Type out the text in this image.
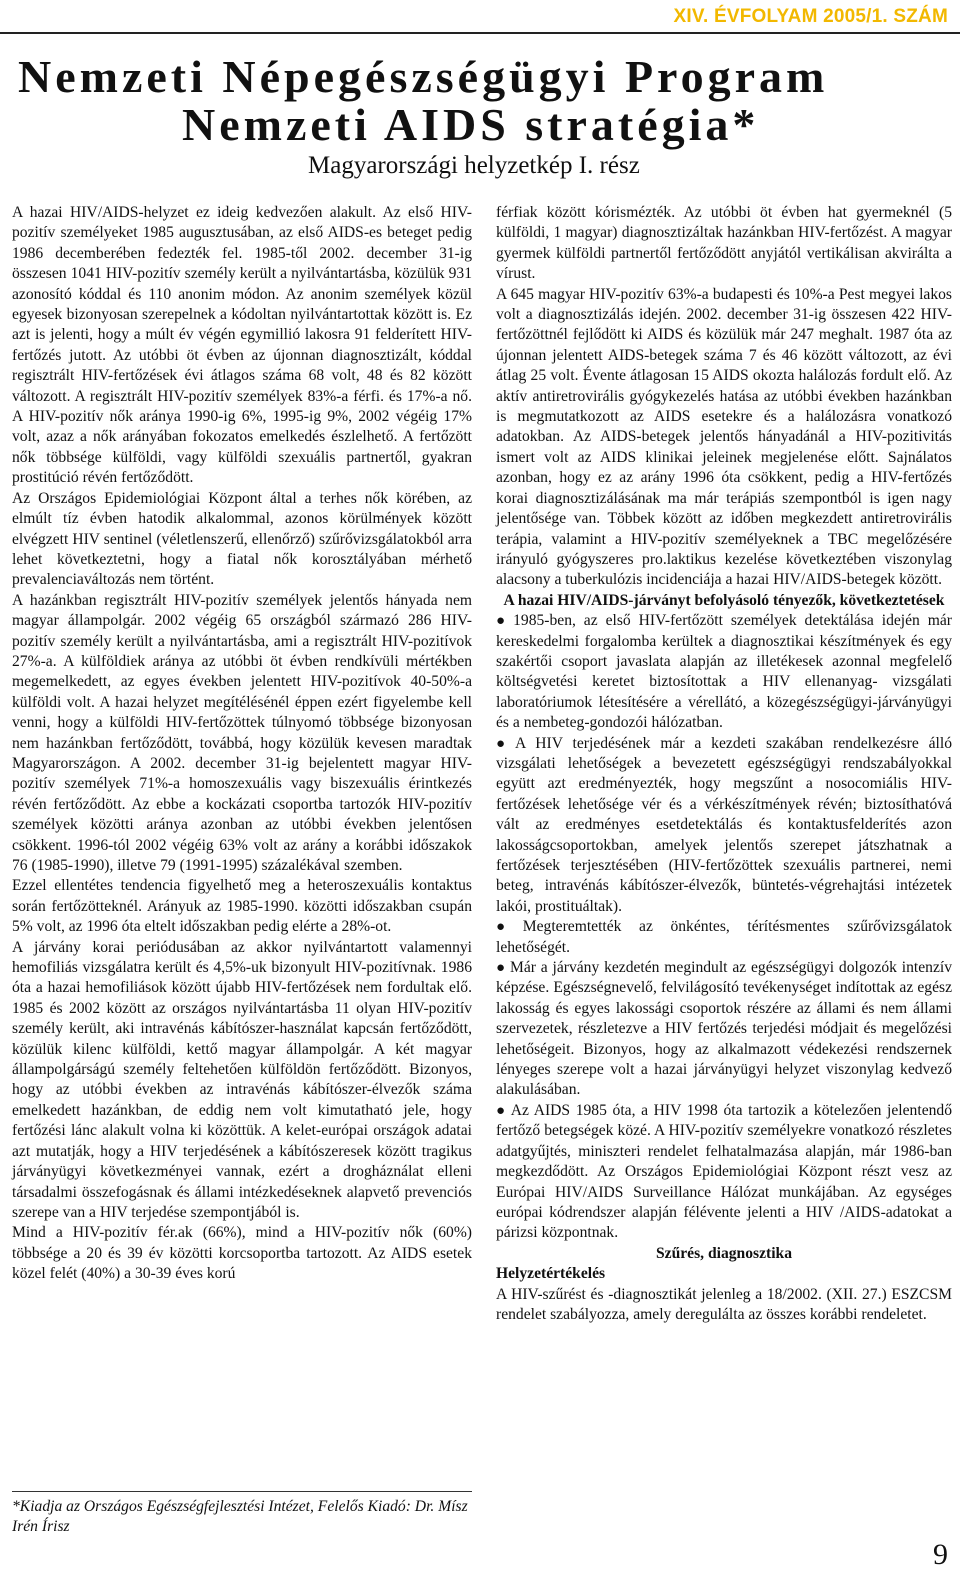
XIV. ÉVFOLYAM 2005/1. SZÁM
Nemzeti Népegészségügyi Program
Nemzeti AIDS stratégia*
Magyarországi helyzetkép I. rész

A hazai HIV/AIDS-helyzet ez ideig kedvezően alakult. Az első HIV-pozitív személyeket 1985 augusztusában, az első AIDS-es beteget pedig 1986 decemberében fedezték fel. 1985-től 2002. december 31-ig összesen 1041 HIV-pozitív személy került a nyilvántartásba, közülük 931 azonosító kóddal és 110 anonim módon. Az anonim személyek közül egyesek bizonyosan szerepelnek a kódoltan nyilvántartottak között is. Ez azt is jelenti, hogy a múlt év végén egymillió lakosra 91 felderített HIV-fertőzés jutott. Az utóbbi öt évben az újonnan diagnosztizált, kóddal regisztrált HIV-fertőzések évi átlagos száma 68 volt, 48 és 82 között változott. A regisztrált HIV-pozitív személyek 83%-a férfi. és 17%-a nő. A HIV-pozitív nők aránya 1990-ig 6%, 1995-ig 9%, 2002 végéig 17% volt, azaz a nők arányában fokozatos emelkedés észlelhető. A fertőzött nők többsége külföldi, vagy külföldi szexuális partnertől, gyakran prostitúció révén fertőződött.

Az Országos Epidemiológiai Központ által a terhes nők körében, az elmúlt tíz évben hatodik alkalommal, azonos körülmények között elvégzett HIV sentinel (véletlenszerű, ellenőrző) szűrővizsgálatokból arra lehet következtetni, hogy a fiatal nők korosztályában mérhető prevalenciaváltozás nem történt.

A hazánkban regisztrált HIV-pozitív személyek jelentős hányada nem magyar állampolgár. 2002 végéig 65 országból származó 286 HIV-pozitív személy került a nyilvántartásba, ami a regisztrált HIV-pozitívok 27%-a. A külföldiek aránya az utóbbi öt évben rendkívüli mértékben megemelkedett, az egyes években jelentett HIV-pozitívok 40-50%-a külföldi volt. A hazai helyzet megítélésénél éppen ezért figyelembe kell venni, hogy a külföldi HIV-fertőzöttek túlnyomó többsége bizonyosan nem hazánkban fertőződött, továbbá, hogy közülük kevesen maradtak Magyarországon. A 2002. december 31-ig bejelentett magyar HIV-pozitív személyek 71%-a homoszexuális vagy biszexuális érintkezés révén fertőződött. Az ebbe a kockázati csoportba tartozók HIV-pozitív személyek közötti aránya azonban az utóbbi években jelentősen csökkent. 1996-tól 2002 végéig 63% volt az arány a korábbi időszakok 76 (1985-1990), illetve 79 (1991-1995) százalékával szemben.

Ezzel ellentétes tendencia figyelhető meg a heteroszexuális kontaktus során fertőzötteknél. Arányuk az 1985-1990. közötti időszakban csupán 5% volt, az 1996 óta eltelt időszakban pedig elérte a 28%-ot.

A járvány korai periódusában az akkor nyilvántartott valamennyi hemofiliás vizsgálatra került és 4,5%-uk bizonyult HIV-pozitívnak. 1986 óta a hazai hemofiliások között újabb HIV-fertőzések nem fordultak elő. 1985 és 2002 között az országos nyilvántartásba 11 olyan HIV-pozitív személy került, aki intravénás kábítószer-használat kapcsán fertőződött, közülük kilenc külföldi, kettő magyar állampolgár. A két magyar állampolgárságú személy feltehetően külföldön fertőződött. Bizonyos, hogy az utóbbi években az intravénás kábítószer-élvezők száma emelkedett hazánkban, de eddig nem volt kimutatható jele, hogy fertőzési lánc alakult volna ki közöttük. A kelet-európai országok adatai azt mutatják, hogy a HIV terjedésének a kábítószeresek között tragikus járványügyi következményei vannak, ezért a drogháználat elleni társadalmi összefogásnak és állami intézkedéseknek alapvető prevenciós szerepe van a HIV terjedése szempontjából is.

Mind a HIV-pozitív fér.ak (66%), mind a HIV-pozitív nők (60%) többsége a 20 és 39 év közötti korcsoportba tartozott. Az AIDS esetek közel felét (40%) a 30-39 éves korú

*Kiadja az Országos Egészségfejlesztési Intézet, Felelős Kiadó: Dr. Mísz Irén Írisz

férfiak között kórismézték. Az utóbbi öt évben hat gyermeknél (5 külföldi, 1 magyar) diagnosztizáltak hazánkban HIV-fertőzést. A magyar gyermek külföldi partnertől fertőződött anyjától vertikálisan akvirálta a vírust.

A 645 magyar HIV-pozitív 63%-a budapesti és 10%-a Pest megyei lakos volt a diagnosztizálás idején. 2002. december 31-ig összesen 422 HIV-fertőzöttnél fejlődött ki AIDS és közülük már 247 meghalt. 1987 óta az újonnan jelentett AIDS-betegek száma 7 és 46 között változott, az évi átlag 25 volt. Évente átlagosan 15 AIDS okozta halálozás fordult elő. Az aktív antiretrovirális gyógykezelés hatása az utóbbi években hazánkban is megmutatkozott az AIDS esetekre és a halálozásra vonatkozó adatokban. Az AIDS-betegek jelentős hányadánál a HIV-pozitivitás ismert volt az AIDS klinikai jeleinek megjelenése előtt. Sajnálatos azonban, hogy ez az arány 1996 óta csökkent, pedig a HIV-fertőzés korai diagnosztizálásának ma már terápiás szempontból is igen nagy jelentősége van. Többek között az időben megkezdett antiretrovirális terápia, valamint a HIV-pozitív személyeknek a TBC megelőzésére irányuló gyógyszeres pro.laktikus kezelése következtében viszonylag alacsony a tuberkulózis incidenciája a hazai HIV/AIDS-betegek között.

A hazai HIV/AIDS-járványt befolyásoló tényezők, következtetések

● 1985-ben, az első HIV-fertőzött személyek detektálása idején már kereskedelmi forgalomba kerültek a diagnosztikai készítmények és egy szakértői csoport javaslata alapján az illetékesek azonnal megfelelő költségvetési keretet biztosítottak a HIV ellenanyag- vizsgálati laboratóriumok létesítésére a vérellátó, a közegészségügyi-járványügyi és a nembeteg-gondozói hálózatban.

● A HIV terjedésének már a kezdeti szakában rendelkezésre álló vizsgálati lehetőségek a bevezetett egészségügyi rendszabályokkal együtt azt eredményezték, hogy megszűnt a nosocomiális HIV-fertőzések lehetősége vér és a vérkészítmények révén; biztosíthatóvá vált az eredményes esetdetektálás és kontaktusfelderítés azon lakosságcsoportokban, amelyek jelentős szerepet játszhatnak a fertőzések terjesztésében (HIV-fertőzöttek szexuális partnerei, nemi beteg, intravénás kábítószer-élvezők, büntetés-végrehajtási intézetek lakói, prostituáltak).

● Megteremtették az önkéntes, térítésmentes szűrővizsgálatok lehetőségét.

● Már a járvány kezdetén megindult az egészségügyi dolgozók intenzív képzése. Egészségnevelő, felvilágosító tevékenységet indítottak az egész lakosság és egyes lakossági csoportok részére az állami és nem állami szervezetek, részletezve a HIV fertőzés terjedési módjait és megelőzési lehetőségeit. Bizonyos, hogy az alkalmazott védekezési rendszernek lényeges szerepe volt a hazai járványügyi helyzet viszonylag kedvező alakulásában.

● Az AIDS 1985 óta, a HIV 1998 óta tartozik a kötelezően jelentendő fertőző betegségek közé. A HIV-pozitív személyekre vonatkozó részletes adatgyűjtés, miniszteri rendelet felhatalmazása alapján, már 1986-ban megkezdődött. Az Országos Epidemiológiai Központ részt vesz az Európai HIV/AIDS Surveillance Hálózat munkájában. Az egységes európai kódrendszer alapján félévente jelenti a HIV /AIDS-adatokat a párizsi központnak.

Szűrés, diagnosztika

Helyzetértékelés

A HIV-szűrést és -diagnosztikát jelenleg a 18/2002. (XII. 27.) ESZCSM rendelet szabályozza, amely deregulálta az összes korábbi rendeletet.

9
